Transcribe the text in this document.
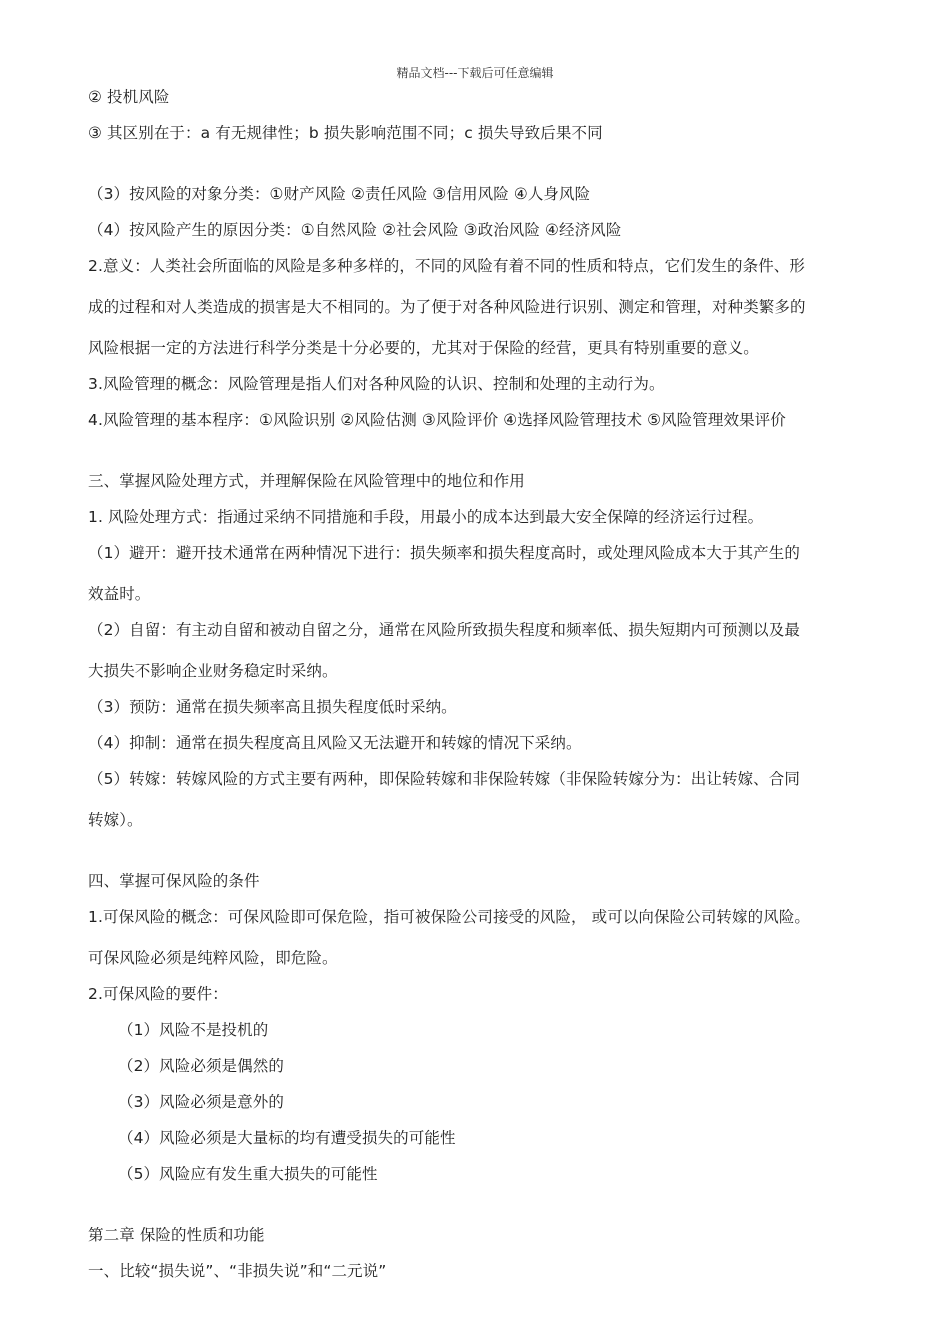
精品文档---下载后可任意编辑
② 投机风险
③ 其区别在于：a 有无规律性；b 损失影响范围不同；c 损失导致后果不同
（3）按风险的对象分类：①财产风险 ②责任风险 ③信用风险 ④人身风险
（4）按风险产生的原因分类：①自然风险 ②社会风险 ③政治风险 ④经济风险
2.意义：人类社会所面临的风险是多种多样的，不同的风险有着不同的性质和特点，它们发生的条件、形
成的过程和对人类造成的损害是大不相同的。为了便于对各种风险进行识别、测定和管理，对种类繁多的
风险根据一定的方法进行科学分类是十分必要的，尤其对于保险的经营，更具有特别重要的意义。
3.风险管理的概念：风险管理是指人们对各种风险的认识、控制和处理的主动行为。
4.风险管理的基本程序：①风险识别 ②风险估测 ③风险评价 ④选择风险管理技术 ⑤风险管理效果评价
三、掌握风险处理方式，并理解保险在风险管理中的地位和作用
1. 风险处理方式：指通过采纳不同措施和手段，用最小的成本达到最大安全保障的经济运行过程。
（1）避开：避开技术通常在两种情况下进行：损失频率和损失程度高时，或处理风险成本大于其产生的
效益时。
（2）自留：有主动自留和被动自留之分，通常在风险所致损失程度和频率低、损失短期内可预测以及最
大损失不影响企业财务稳定时采纳。
（3）预防：通常在损失频率高且损失程度低时采纳。
（4）抑制：通常在损失程度高且风险又无法避开和转嫁的情况下采纳。
（5）转嫁：转嫁风险的方式主要有两种，即保险转嫁和非保险转嫁（非保险转嫁分为：出让转嫁、合同
转嫁）。
四、掌握可保风险的条件
1.可保风险的概念：可保风险即可保危险，指可被保险公司接受的风险， 或可以向保险公司转嫁的风险。
可保风险必须是纯粹风险，即危险。
2.可保风险的要件：
（1）风险不是投机的
（2）风险必须是偶然的
（3）风险必须是意外的
（4）风险必须是大量标的均有遭受损失的可能性
（5）风险应有发生重大损失的可能性
第二章 保险的性质和功能
一、比较“损失说”、“非损失说”和“二元说”
